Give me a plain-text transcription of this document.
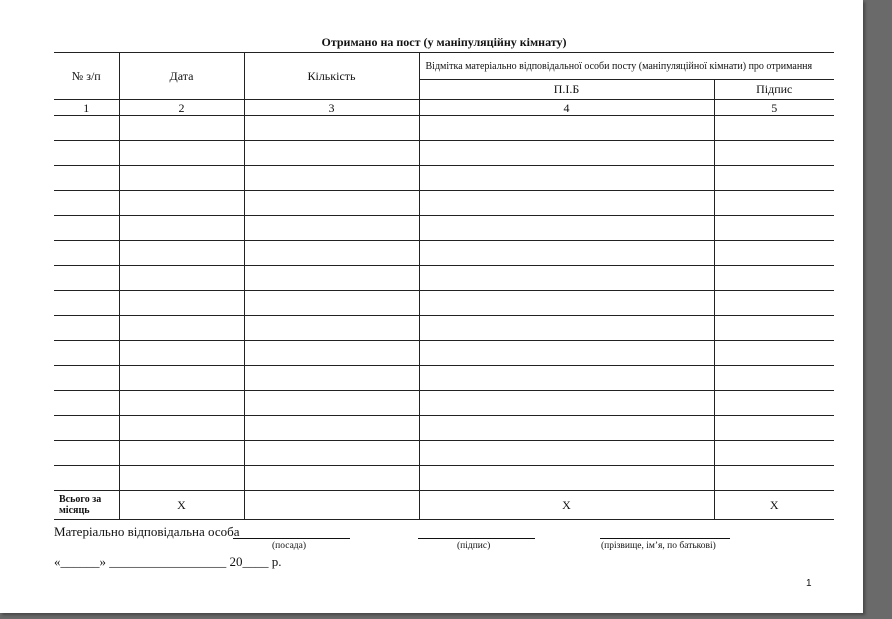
Отримано на пост (у маніпуляційну кімнату)
№ з/п	Дата	Кількість	Відмітка матеріально відповідальної особи посту (маніпуляційної кімнати) про отримання	
			П.І.Б	Підпис
1	2	3	4	5

Всього за місяць	Х		Х	Х
Матеріально відповідальна особа
(посада)	(підпис)	(прізвище, ім’я, по батькові)
«______» __________________ 20____ р.
1
